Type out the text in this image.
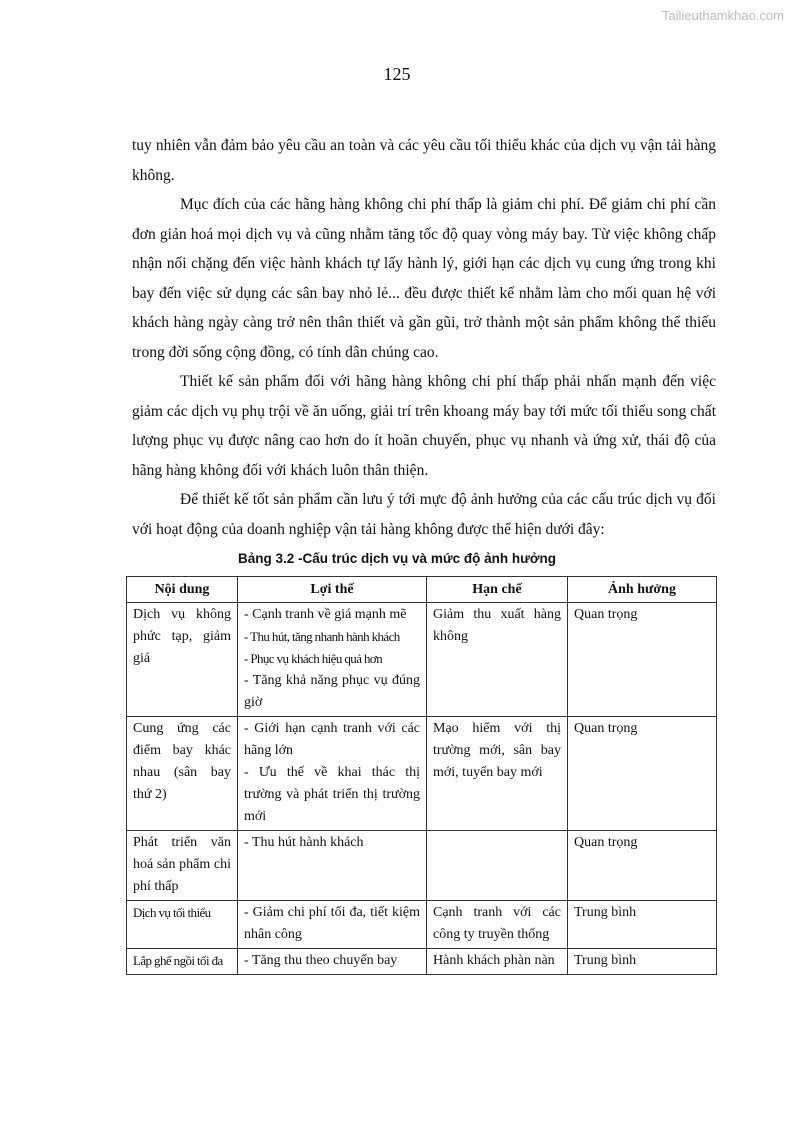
Tailieuthamkhao.com
125

tuy nhiên vẫn đảm bảo yêu cầu an toàn và các yêu cầu tối thiểu khác của dịch vụ vận tải hàng không.

Mục đích của các hãng hàng không chi phí thấp là giảm chi phí. Để giảm chi phí cần đơn giản hoá mọi dịch vụ và cũng nhằm tăng tốc độ quay vòng máy bay. Từ việc không chấp nhận nối chặng đến việc hành khách tự lấy hành lý, giới hạn các dịch vụ cung ứng trong khi bay đến việc sử dụng các sân bay nhỏ lẻ... đều được thiết kế nhằm làm cho mối quan hệ với khách hàng ngày càng trở nên thân thiết và gần gũi, trở thành một sản phẩm không thể thiếu trong đời sống cộng đồng, có tính dân chúng cao.

Thiết kế sản phẩm đối với hãng hàng không chi phí thấp phải nhấn mạnh đến việc giảm các dịch vụ phụ trội về ăn uống, giải trí trên khoang máy bay tới mức tối thiểu song chất lượng phục vụ được nâng cao hơn do ít hoãn chuyến, phục vụ nhanh và ứng xử, thái độ của hãng hàng không đối với khách luôn thân thiện.

Để thiết kế tốt sản phẩm cần lưu ý tới mực độ ảnh hưởng của các cấu trúc dịch vụ đối với hoạt động của doanh nghiệp vận tải hàng không được thể hiện dưới đây:

Bảng 3.2 -Cấu trúc dịch vụ và mức độ ảnh hưởng
Nội dung	Lợi thế	Hạn chế	Ảnh hưởng
Dịch vụ không phức tạp, giảm giá	- Cạnh tranh về giá mạnh mẽ
- Thu hút, tăng nhanh hành khách
- Phục vụ khách hiệu quả hơn
- Tăng khả năng phục vụ đúng giờ	Giảm thu xuất hàng không	Quan trọng
Cung ứng các điểm bay khác nhau (sân bay thứ 2)	- Giới hạn cạnh tranh với các hãng lớn
- Ưu thế về khai thác thị trường và phát triển thị trường mới	Mạo hiểm với thị trường mới, sân bay mới, tuyến bay mới	Quan trọng
Phát triển văn hoá sản phẩm chi phí thấp	- Thu hút hành khách		Quan trọng
Dịch vụ tối thiểu	- Giảm chi phí tối đa, tiết kiệm nhân công	Cạnh tranh với các công ty truyền thống	Trung bình
Lắp ghế ngồi tối đa	- Tăng thu theo chuyến bay	Hành khách phàn nàn	Trung bình
